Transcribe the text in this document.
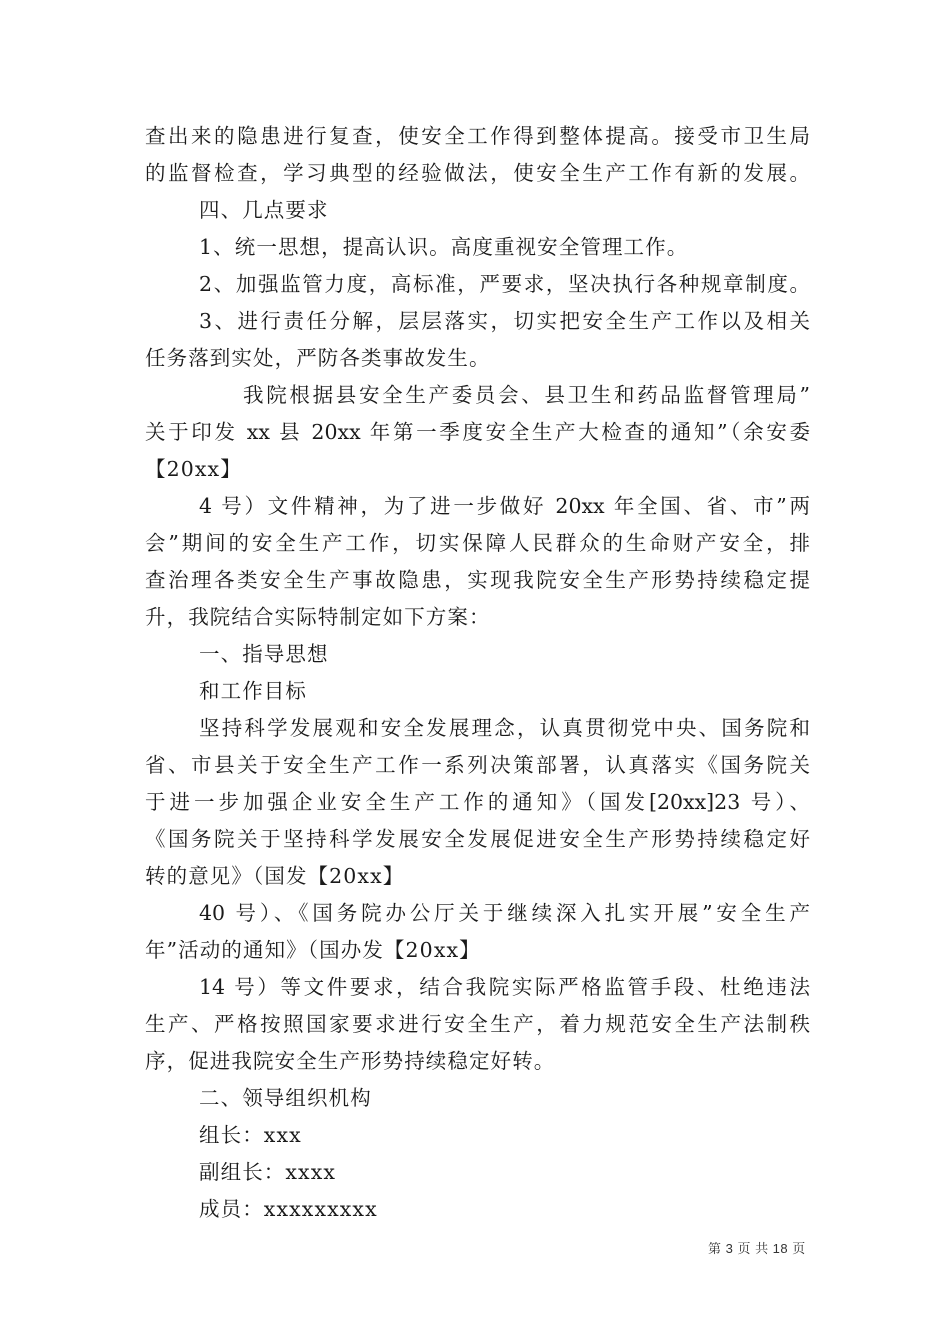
查出来的隐患进行复查，使安全工作得到整体提高。接受市卫生局
的监督检查，学习典型的经验做法，使安全生产工作有新的发展。
四、几点要求
1、统一思想，提高认识。高度重视安全管理工作。
2、加强监管力度，高标准，严要求，坚决执行各种规章制度。
3、进行责任分解，层层落实，切实把安全生产工作以及相关
任务落到实处，严防各类事故发生。
我院根据县安全生产委员会、县卫生和药品监督管理局”
关于印发 xx 县 20xx 年第一季度安全生产大检查的通知”（余安委
【20xx】
4 号）文件精神，为了进一步做好 20xx 年全国、省、市”两
会”期间的安全生产工作，切实保障人民群众的生命财产安全，排
查治理各类安全生产事故隐患，实现我院安全生产形势持续稳定提
升，我院结合实际特制定如下方案：
一、指导思想
和工作目标
坚持科学发展观和安全发展理念，认真贯彻党中央、国务院和
省、市县关于安全生产工作一系列决策部署，认真落实《国务院关
于进一步加强企业安全生产工作的通知》（国发[20xx]23 号）、
《国务院关于坚持科学发展安全发展促进安全生产形势持续稳定好
转的意见》（国发【20xx】
40 号）、《国务院办公厅关于继续深入扎实开展”安全生产
年”活动的通知》（国办发【20xx】
14 号）等文件要求，结合我院实际严格监管手段、杜绝违法
生产、严格按照国家要求进行安全生产，着力规范安全生产法制秩
序，促进我院安全生产形势持续稳定好转。
二、领导组织机构
组长：xxx
副组长：xxxx
成员：xxxxxxxxx
第 3 页 共 18 页
